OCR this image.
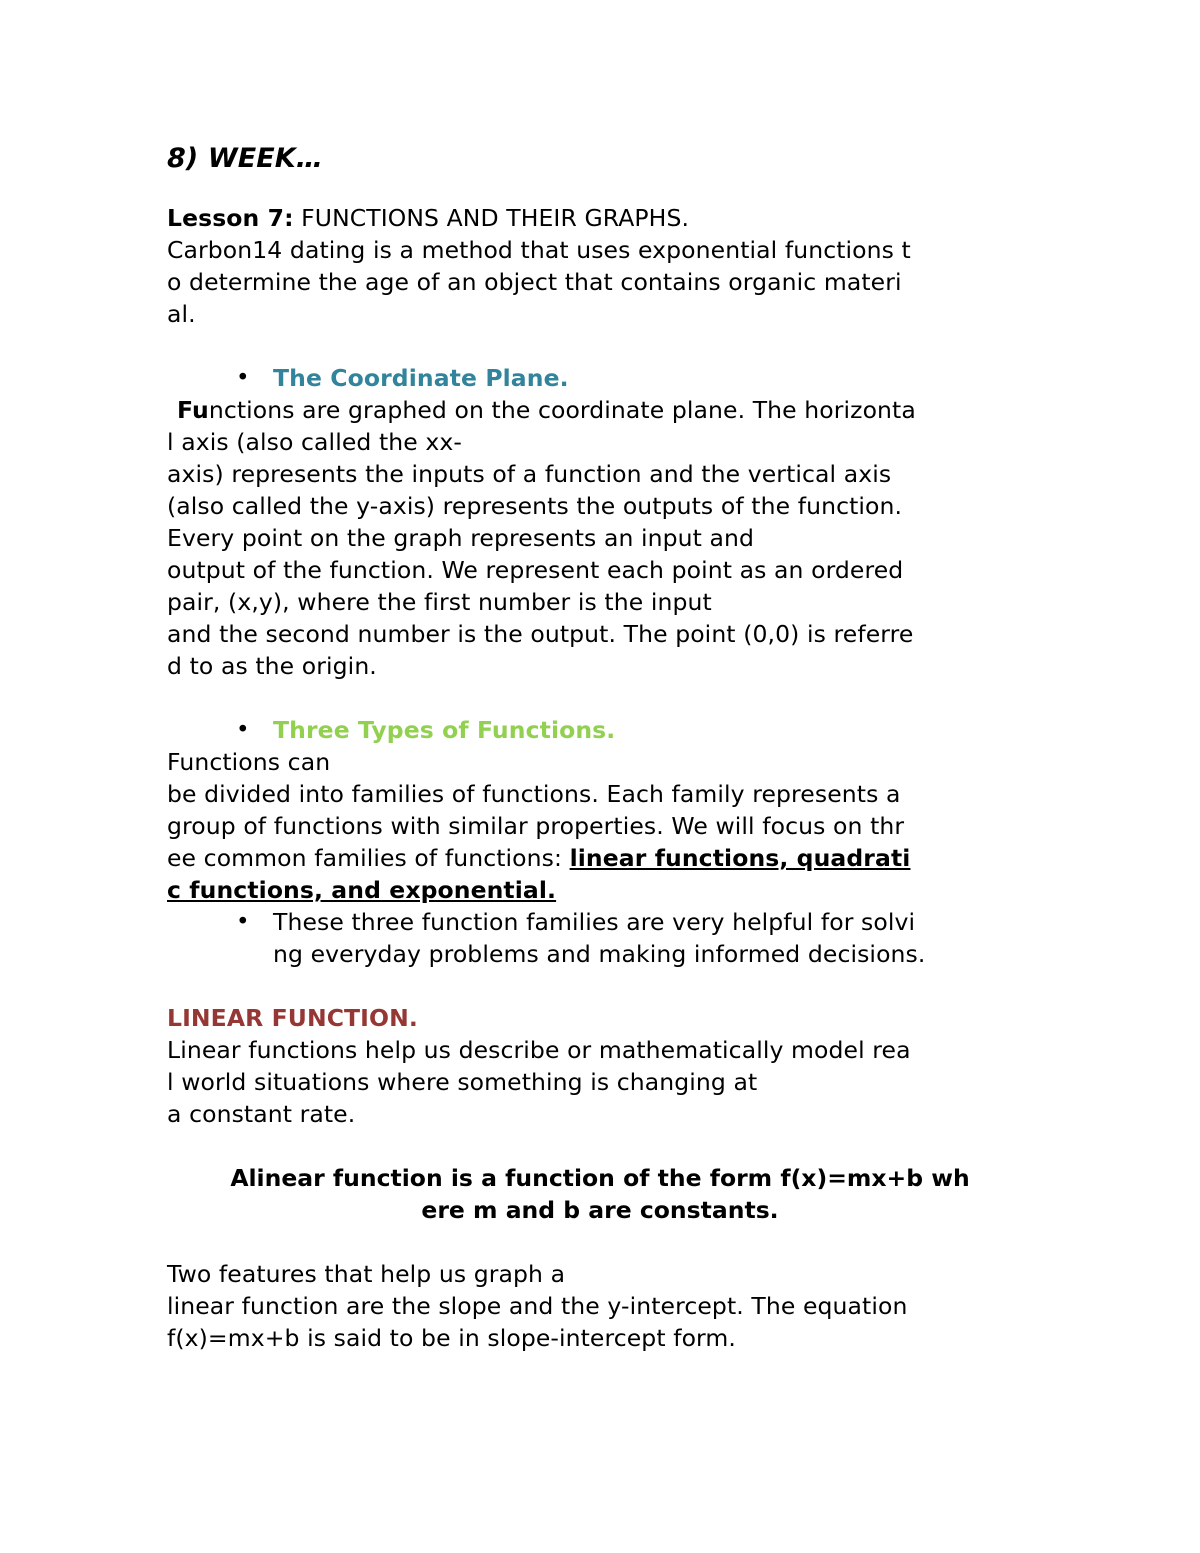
8) WEEK…
Lesson 7: FUNCTIONS AND THEIR GRAPHS.
Carbon14 dating is a method that uses exponential functions t
o determine the age of an object that contains organic materi
al.
• The Coordinate Plane.
Functions are graphed on the coordinate plane. The horizonta
l axis (also called the xx-
axis) represents the inputs of a function and the vertical axis
(also called the y-axis) represents the outputs of the function.
Every point on the graph represents an input and
output of the function. We represent each point as an ordered
pair, (x,y), where the first number is the input
and the second number is the output. The point (0,0) is referre
d to as the origin.
• Three Types of Functions.
Functions can
be divided into families of functions. Each family represents a
group of functions with similar properties. We will focus on thr
ee common families of functions: linear functions, quadrati
c functions, and exponential.
• These three function families are very helpful for solvi
ng everyday problems and making informed decisions.
LINEAR FUNCTION.
Linear functions help us describe or mathematically model rea
l world situations where something is changing at
a constant rate.
Alinear function is a function of the form f(x)=mx+b wh
ere m and b are constants.
Two features that help us graph a
linear function are the slope and the y-intercept. The equation
f(x)=mx+b is said to be in slope-intercept form.
